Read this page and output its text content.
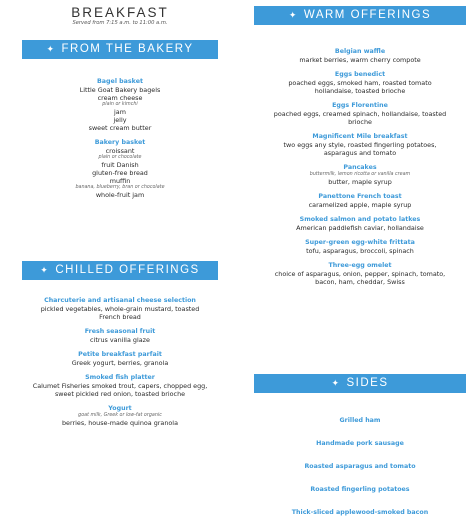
BREAKFAST
Served from 7:15 a.m. to 11:00 a.m.
✦ FROM THE BAKERY
Bagel basket
Little Goat Bakery bagels
cream cheese
plain or kimchi
jam
jelly
sweet cream butter
Bakery basket
croissant
plain or chocolate
fruit Danish
gluten-free bread
muffin
banana, blueberry, bran or chocolate
whole-fruit jam
✦ CHILLED OFFERINGS
Charcuterie and artisanal cheese selection
pickled vegetables, whole-grain mustard, toasted
French bread
Fresh seasonal fruit
citrus vanilla glaze
Petite breakfast parfait
Greek yogurt, berries, granola
Smoked fish platter
Calumet Fisheries smoked trout, capers, chopped egg,
sweet pickled red onion, toasted brioche
Yogurt
goat milk, Greek or low-fat organic
berries, house-made quinoa granola
✦ WARM OFFERINGS
Belgian waffle
market berries, warm cherry compote
Eggs benedict
poached eggs, smoked ham, roasted tomato
hollandaise, toasted brioche
Eggs Florentine
poached eggs, creamed spinach, hollandaise, toasted
brioche
Magnificent Mile breakfast
two eggs any style, roasted fingerling potatoes,
asparagus and tomato
Pancakes
buttermilk, lemon ricotta or vanilla cream
butter, maple syrup
Panettone French toast
caramelized apple, maple syrup
Smoked salmon and potato latkes
American paddlefish caviar, hollandaise
Super-green egg-white frittata
tofu, asparagus, broccoli, spinach
Three-egg omelet
choice of asparagus, onion, pepper, spinach, tomato,
bacon, ham, cheddar, Swiss
✦ SIDES
Grilled ham
Handmade pork sausage
Roasted asparagus and tomato
Roasted fingerling potatoes
Thick-sliced applewood-smoked bacon
